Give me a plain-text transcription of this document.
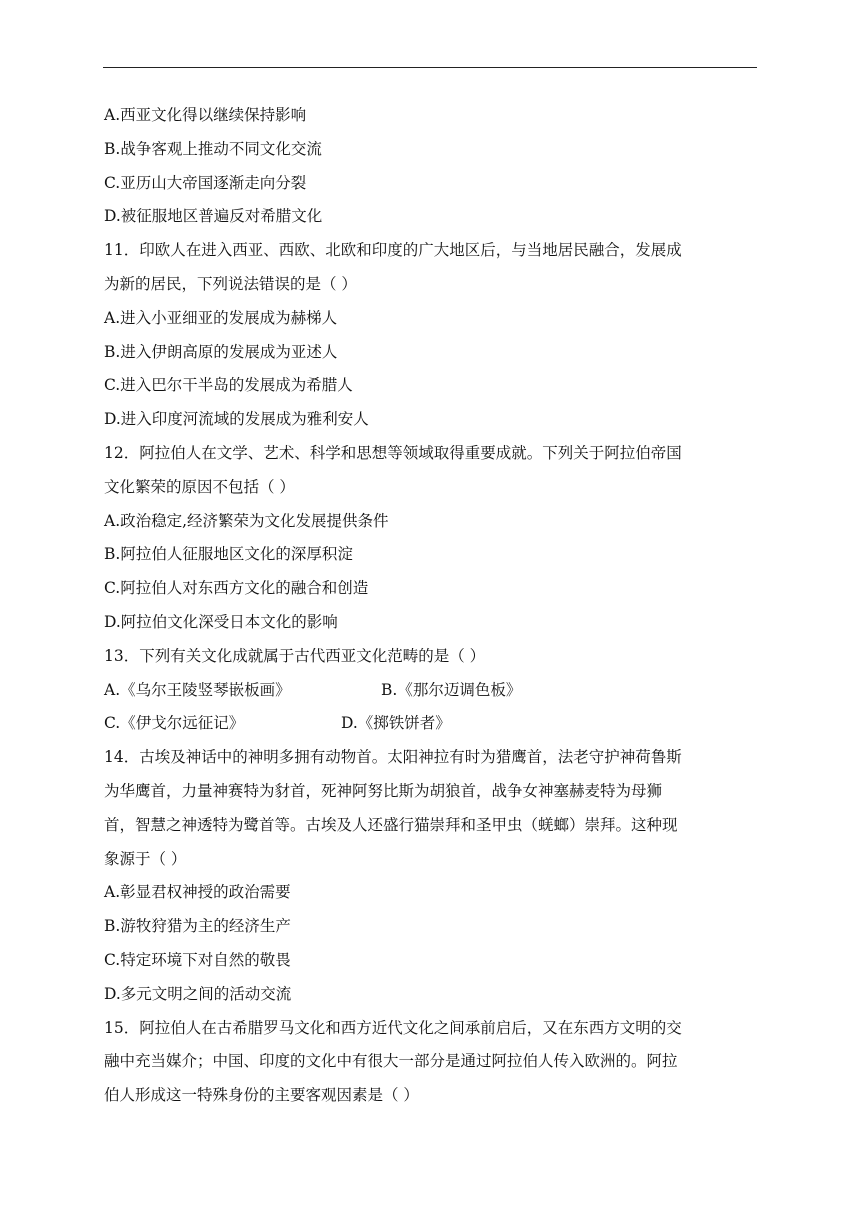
A.西亚文化得以继续保持影响
B.战争客观上推动不同文化交流
C.亚历山大帝国逐渐走向分裂
D.被征服地区普遍反对希腊文化
11．印欧人在进入西亚、西欧、北欧和印度的广大地区后，与当地居民融合，发展成
为新的居民，下列说法错误的是（ ）
A.进入小亚细亚的发展成为赫梯人
B.进入伊朗高原的发展成为亚述人
C.进入巴尔干半岛的发展成为希腊人
D.进入印度河流域的发展成为雅利安人
12．阿拉伯人在文学、艺术、科学和思想等领域取得重要成就。下列关于阿拉伯帝国
文化繁荣的原因不包括（ ）
A.政治稳定,经济繁荣为文化发展提供条件
B.阿拉伯人征服地区文化的深厚积淀
C.阿拉伯人对东西方文化的融合和创造
D.阿拉伯文化深受日本文化的影响
13．下列有关文化成就属于古代西亚文化范畴的是（ ）
A.《乌尔王陵竖琴嵌板画》	B.《那尔迈调色板》
C.《伊戈尔远征记》	D.《掷铁饼者》
14．古埃及神话中的神明多拥有动物首。太阳神拉有时为猎鹰首，法老守护神荷鲁斯
为华鹰首，力量神赛特为豺首，死神阿努比斯为胡狼首，战争女神塞赫麦特为母狮
首，智慧之神透特为鹭首等。古埃及人还盛行猫崇拜和圣甲虫（蜣螂）崇拜。这种现
象源于（ ）
A.彰显君权神授的政治需要
B.游牧狩猎为主的经济生产
C.特定环境下对自然的敬畏
D.多元文明之间的活动交流
15．阿拉伯人在古希腊罗马文化和西方近代文化之间承前启后，又在东西方文明的交
融中充当媒介；中国、印度的文化中有很大一部分是通过阿拉伯人传入欧洲的。阿拉
伯人形成这一特殊身份的主要客观因素是（ ）
